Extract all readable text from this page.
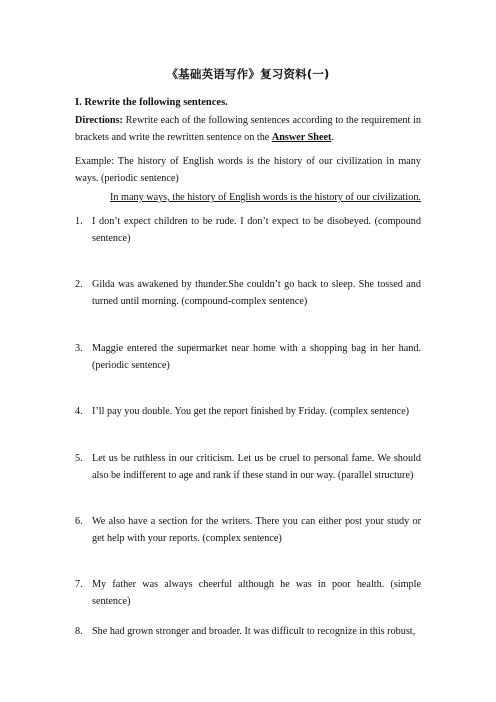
《基础英语写作》复习资料(一)
I. Rewrite the following sentences.
Directions: Rewrite each of the following sentences according to the requirement in brackets and write the rewritten sentence on the Answer Sheet.
Example: The history of English words is the history of our civilization in many ways. (periodic sentence)
In many ways, the history of English words is the history of our civilization.
1. I don’t expect children to be rude. I don’t expect to be disobeyed. (compound sentence)
2. Gilda was awakened by thunder.She couldn’t go back to sleep. She tossed and turned until morning. (compound-complex sentence)
3. Maggie entered the supermarket near home with a shopping bag in her hand. (periodic sentence)
4. I’ll pay you double. You get the report finished by Friday. (complex sentence)
5. Let us be ruthless in our criticism. Let us be cruel to personal fame. We should also be indifferent to age and rank if these stand in our way. (parallel structure)
6. We also have a section for the writers. There you can either post your study or get help with your reports. (complex sentence)
7. My father was always cheerful although he was in poor health. (simple sentence)
8. She had grown stronger and broader. It was difficult to recognize in this robust,
